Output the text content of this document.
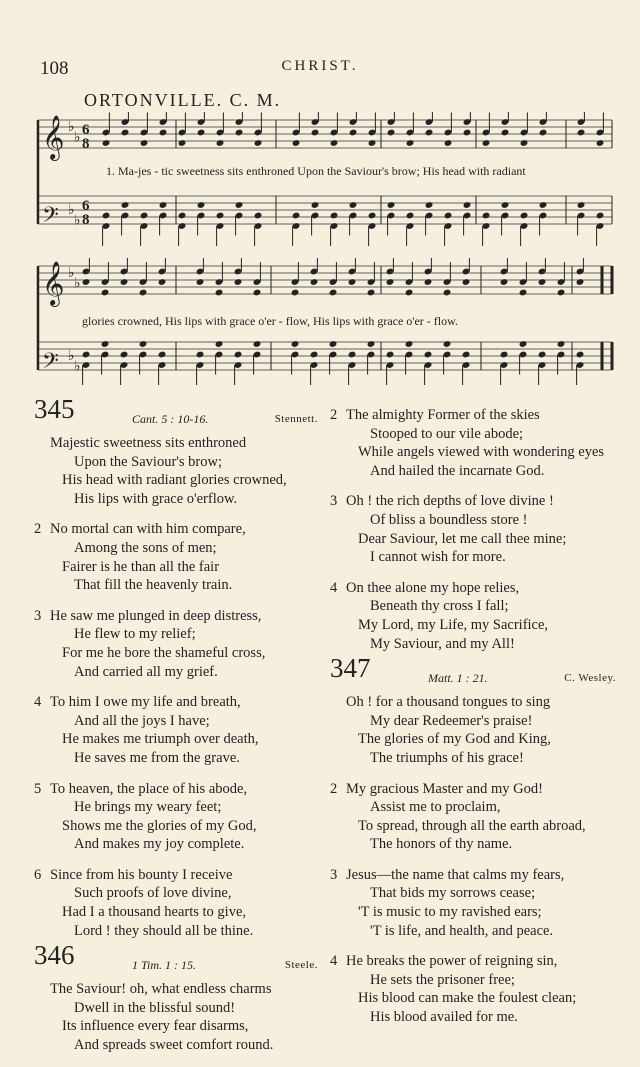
108	CHRIST.
ORTONVILLE. C. M.
𝄞 ♭
♭ 6
8
𝄢 ♭
♭
6
8
1. Ma-jes - tic sweetness sits enthroned Upon the Saviour's brow; His head with radiant
𝄞 ♭
♭
𝄢 ♭
♭
glories crowned, His lips with grace o'er - flow, His lips with grace o'er - flow.
345	Cant. 5 : 10-16.	Stennett.
Majestic sweetness sits enthroned
Upon the Saviour's brow;
His head with radiant glories crowned,
His lips with grace o'erflow.
2 No mortal can with him compare,
Among the sons of men;
Fairer is he than all the fair
That fill the heavenly train.
3 He saw me plunged in deep distress,
He flew to my relief;
For me he bore the shameful cross,
And carried all my grief.
4 To him I owe my life and breath,
And all the joys I have;
He makes me triumph over death,
He saves me from the grave.
5 To heaven, the place of his abode,
He brings my weary feet;
Shows me the glories of my God,
And makes my joy complete.
6 Since from his bounty I receive
Such proofs of love divine,
Had I a thousand hearts to give,
Lord ! they should all be thine.
346	1 Tim. 1 : 15.	Steele.
The Saviour! oh, what endless charms
Dwell in the blissful sound!
Its influence every fear disarms,
And spreads sweet comfort round.
2 The almighty Former of the skies
Stooped to our vile abode;
While angels viewed with wondering eyes
And hailed the incarnate God.
3 Oh ! the rich depths of love divine !
Of bliss a boundless store !
Dear Saviour, let me call thee mine;
I cannot wish for more.
4 On thee alone my hope relies,
Beneath thy cross I fall;
My Lord, my Life, my Sacrifice,
My Saviour, and my All!
347	Matt. 1 : 21.	C. Wesley.
Oh ! for a thousand tongues to sing
My dear Redeemer's praise!
The glories of my God and King,
The triumphs of his grace!
2 My gracious Master and my God!
Assist me to proclaim,
To spread, through all the earth abroad,
The honors of thy name.
3 Jesus—the name that calms my fears,
That bids my sorrows cease;
'T is music to my ravished ears;
'T is life, and health, and peace.
4 He breaks the power of reigning sin,
He sets the prisoner free;
His blood can make the foulest clean;
His blood availed for me.
